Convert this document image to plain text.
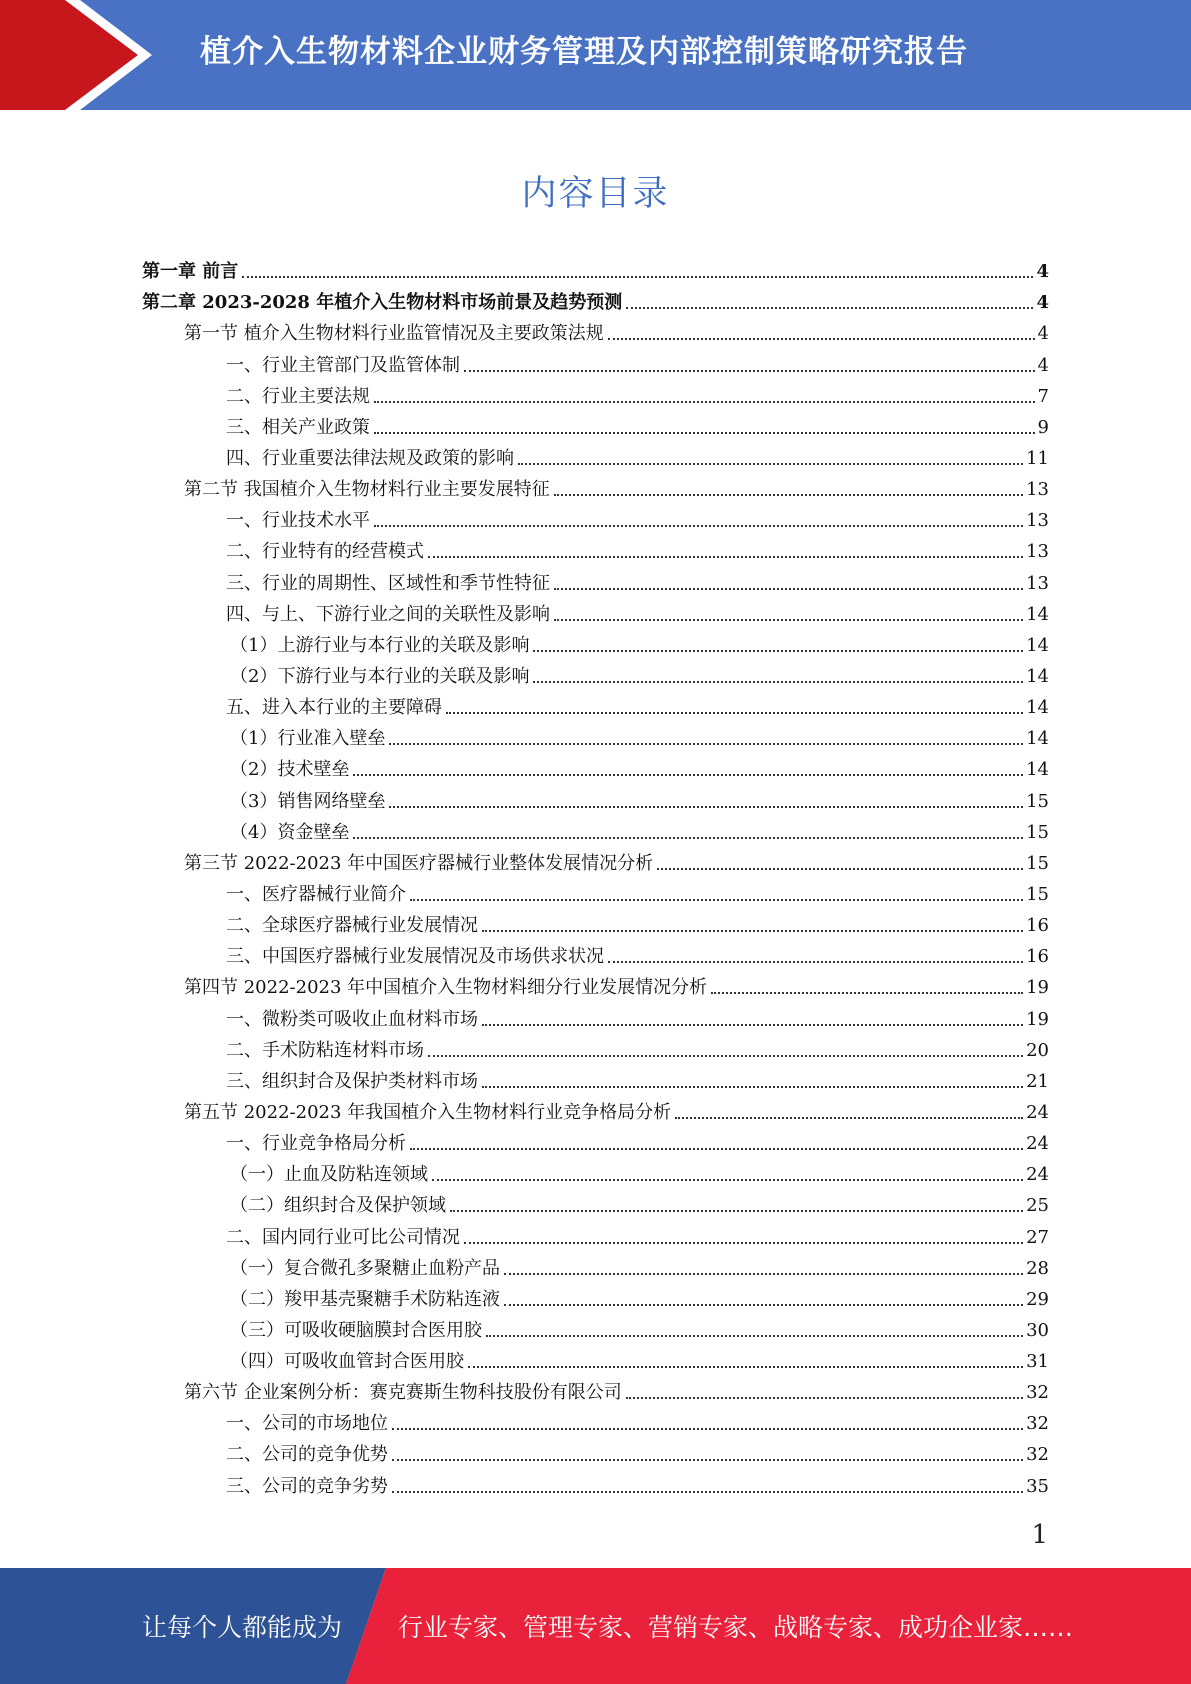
植介入生物材料企业财务管理及内部控制策略研究报告
内容目录
第一章 前言	4
第二章 2023-2028 年植介入生物材料市场前景及趋势预测	4
第一节 植介入生物材料行业监管情况及主要政策法规	4
一、行业主管部门及监管体制	4
二、行业主要法规	7
三、相关产业政策	9
四、行业重要法律法规及政策的影响	11
第二节 我国植介入生物材料行业主要发展特征	13
一、行业技术水平	13
二、行业特有的经营模式	13
三、行业的周期性、区域性和季节性特征	13
四、与上、下游行业之间的关联性及影响	14
（1）上游行业与本行业的关联及影响	14
（2）下游行业与本行业的关联及影响	14
五、进入本行业的主要障碍	14
（1）行业准入壁垒	14
（2）技术壁垒	14
（3）销售网络壁垒	15
（4）资金壁垒	15
第三节 2022-2023 年中国医疗器械行业整体发展情况分析	15
一、医疗器械行业简介	15
二、全球医疗器械行业发展情况	16
三、中国医疗器械行业发展情况及市场供求状况	16
第四节 2022-2023 年中国植介入生物材料细分行业发展情况分析	19
一、微粉类可吸收止血材料市场	19
二、手术防粘连材料市场	20
三、组织封合及保护类材料市场	21
第五节 2022-2023 年我国植介入生物材料行业竞争格局分析	24
一、行业竞争格局分析	24
（一）止血及防粘连领域	24
（二）组织封合及保护领域	25
二、国内同行业可比公司情况	27
（一）复合微孔多聚糖止血粉产品	28
（二）羧甲基壳聚糖手术防粘连液	29
（三）可吸收硬脑膜封合医用胶	30
（四）可吸收血管封合医用胶	31
第六节 企业案例分析：赛克赛斯生物科技股份有限公司	32
一、公司的市场地位	32
二、公司的竞争优势	32
三、公司的竞争劣势	35
1
让每个人都能成为 行业专家、管理专家、营销专家、战略专家、成功企业家……
